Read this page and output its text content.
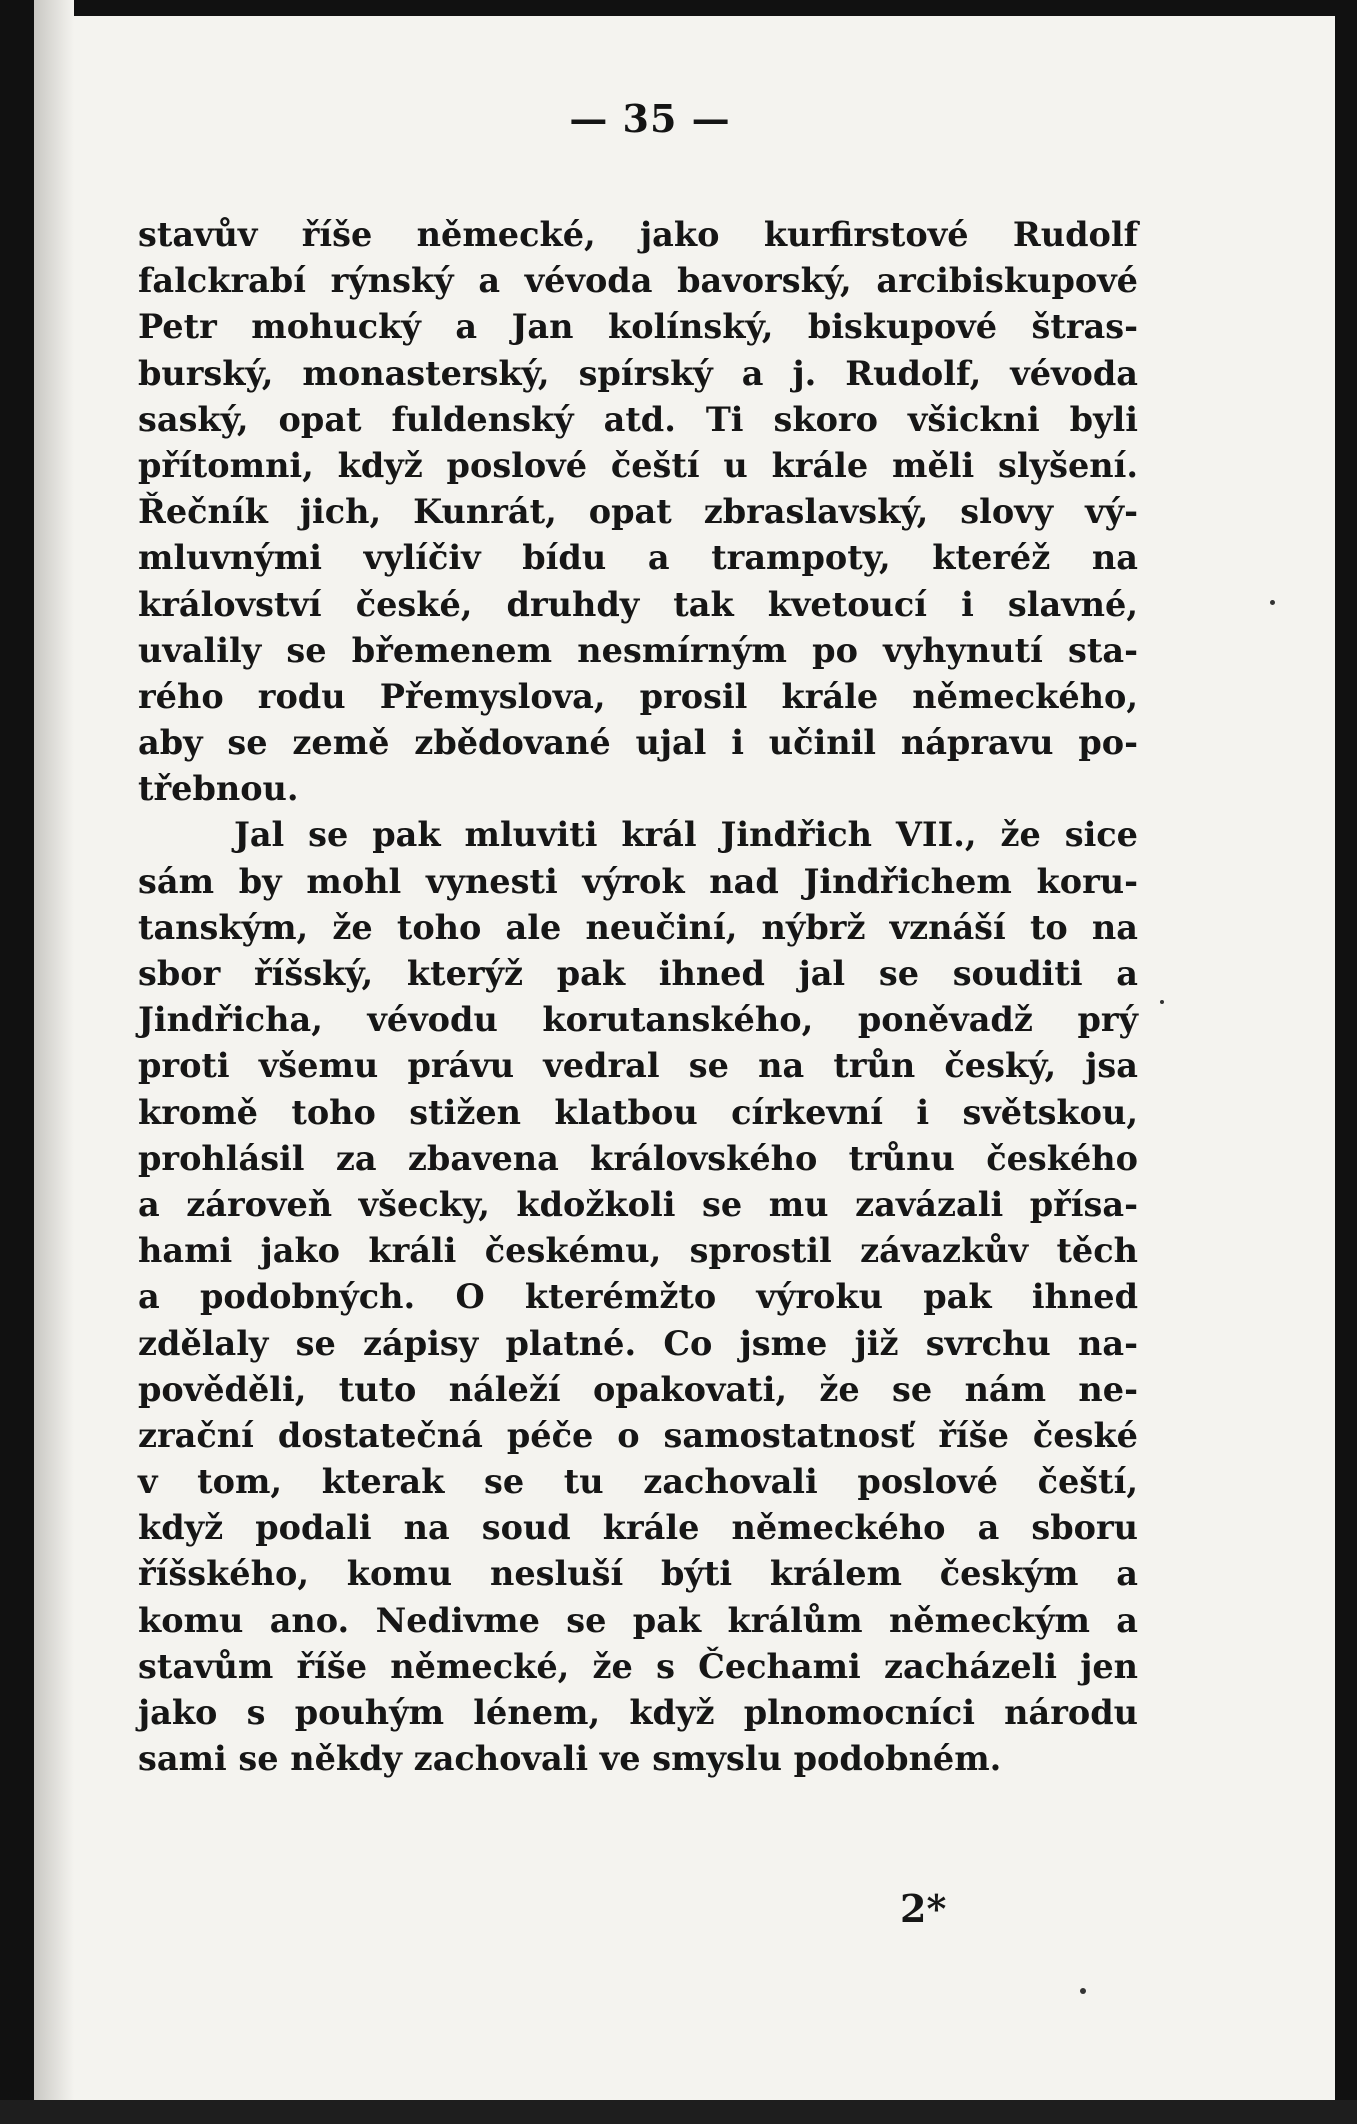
— 35 —
stavův říše německé, jako kurfirstové Rudolf
falckrabí rýnský a vévoda bavorský, arcibiskupové
Petr mohucký a Jan kolínský, biskupové štras-
burský, monasterský, spírský a j. Rudolf, vévoda
saský, opat fuldenský atd. Ti skoro všickni byli
přítomni, když poslové čeští u krále měli slyšení.
Řečník jich, Kunrát, opat zbraslavský, slovy vý-
mluvnými vylíčiv bídu a trampoty, kteréž na
království české, druhdy tak kvetoucí i slavné,
uvalily se břemenem nesmírným po vyhynutí sta-
rého rodu Přemyslova, prosil krále německého,
aby se země zbědované ujal i učinil nápravu po-
třebnou.
Jal se pak mluviti král Jindřich VII., že sice
sám by mohl vynesti výrok nad Jindřichem koru-
tanským, že toho ale neučiní, nýbrž vznáší to na
sbor říšský, kterýž pak ihned jal se souditi a
Jindřicha, vévodu korutanského, poněvadž prý
proti všemu právu vedral se na trůn český, jsa
kromě toho stižen klatbou církevní i světskou,
prohlásil za zbavena královského trůnu českého
a zároveň všecky, kdožkoli se mu zavázali přísa-
hami jako králi českému, sprostil závazkův těch
a podobných. O kterémžto výroku pak ihned
zdělaly se zápisy platné. Co jsme již svrchu na-
pověděli, tuto náleží opakovati, že se nám ne-
zrační dostatečná péče o samostatnosť říše české
v tom, kterak se tu zachovali poslové čeští,
když podali na soud krále německého a sboru
říšského, komu nesluší býti králem českým a
komu ano. Nedivme se pak králům německým a
stavům říše německé, že s Čechami zacházeli jen
jako s pouhým lénem, když plnomocníci národu
sami se někdy zachovali ve smyslu podobném.
2*
